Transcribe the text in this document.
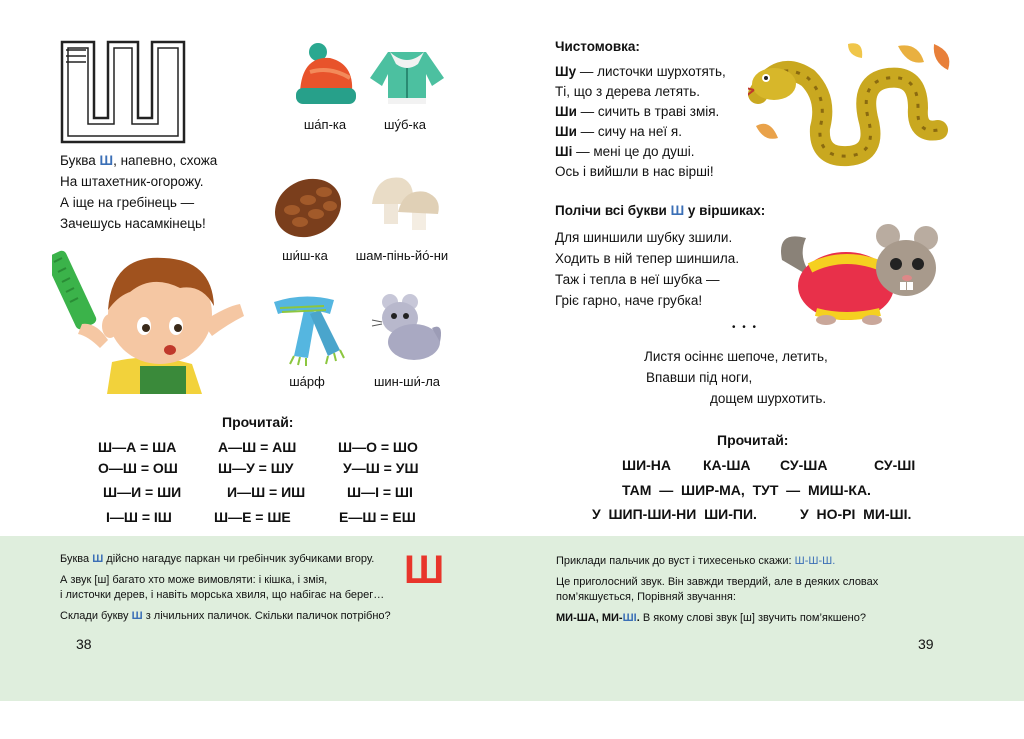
Буква Ш, напевно, схожа
На штахетник-огорожу.
А іще на гребінець —
Зачешусь насамкінець!
ша́п-ка	шу́б-ка
ши́ш-ка	шам-пінь-йо́-ни
ша́рф	шин-ши́-ла
Прочитай:
Ш—А = ША	А—Ш = АШ	Ш—О = ШО
О—Ш = ОШ	Ш—У = ШУ	У—Ш = УШ
Ш—И = ШИ	И—Ш = ИШ	Ш—І = ШІ
І—Ш = ІШ	Ш—Е = ШЕ	Е—Ш = ЕШ
Буква Ш дійсно нагадує паркан чи гребінчик зубчиками вгору.
А звук [ш] багато хто може вимовляти: і кішка, і змія,
і листочки дерев, і навіть морська хвиля, що набігає на берег…
Склади букву Ш з лічильних паличок. Скільки паличок потрібно?
Ш
38
Чистомовка:
Шу — листочки шурхотять,
Ті, що з дерева летять.
Ши — сичить в траві змія.
Ши — сичу на неї я.
Ші — мені це до душі.
Ось і вийшли в нас вірші!
Полічи всі букви Ш у віршиках:
Для шиншили шубку зшили.
Ходить в ній тепер шиншила.
Таж і тепла в неї шубка —
Гріє гарно, наче грубка!
• • •
Листя осіннє шепоче, летить,
Впавши під ноги,
дощем шурхотить.
Прочитай:
ШИ-НА КА-ША СУ-ША	СУ-ШІ
ТАМ  —  ШИР-МА,  ТУТ  —  МИШ-КА.
У  ШИП-ШИ-НИ  ШИ-ПИ.	У  НО-РІ  МИ-ШІ.
Приклади пальчик до вуст і тихесенько скажи: Ш-Ш-Ш.
Це приголосний звук. Він завжди твердий, але в деяких словах
пом’якшується, Порівняй звучання:
МИ-ША, МИ-ШІ. В якому слові звук [ш] звучить пом’якшено?
39
